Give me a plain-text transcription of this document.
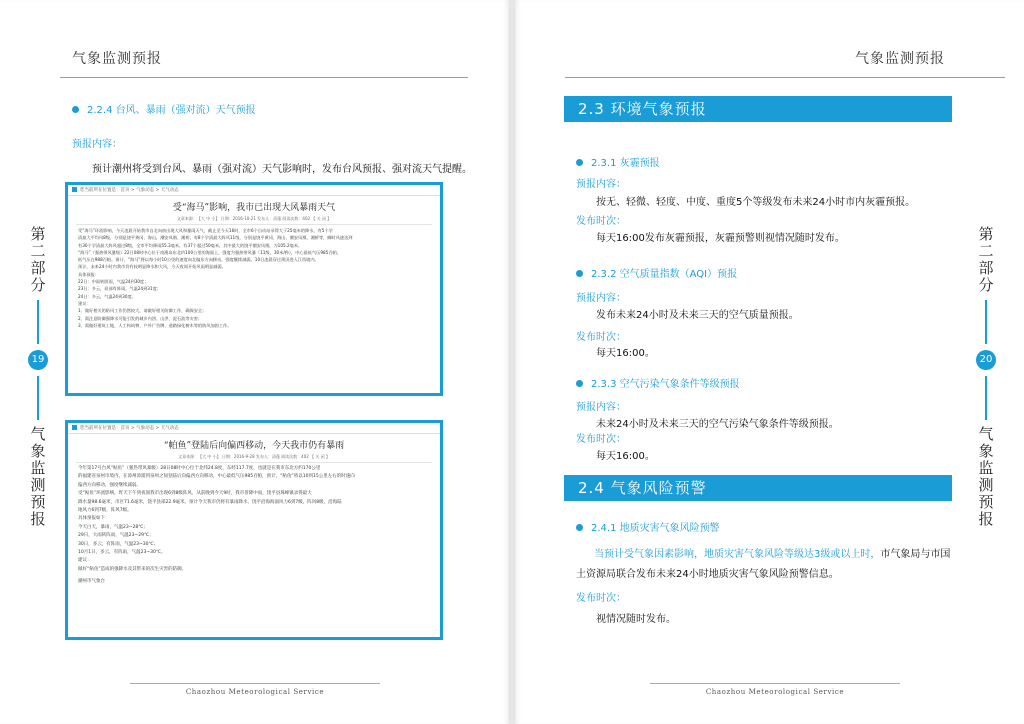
气象监测预报
2.2.4 台风、暴雨（强对流）天气预报
预报内容：
预计潮州将受到台风、暴雨（强对流）天气影响时，发布台风预报、强对流天气提醒。
您当前所在位置是：首页 > 气象动态 > 天气动态
受“海马”影响，我市已出现大风暴雨天气
文章来源：【大 中 小】 日期：2016-10-21 发布人：清蓬 阅读次数：402 【 关 闭 】
受“海马”环流影响，今天凌晨开始我市自北向南出现大风和暴雨天气，截止至今天16时，全市6个自动站录得大于25毫米的降水，有5个学
清最大平均风8级，分别是饶平黄冈、海山，潮安凤凰、湘桥；有8个学清最大阵风11级，分别是饶平黄冈、海山、潮安凤凰、湘桥等，瞬时风速达到
有30个学清最大阵风超过8级，全市平均降雨55.3毫米，有37个超过50毫米，其中最大的饶平潮安凤凰，为105.2毫米。
“海马”（强热带风暴级）22日08时中心位于南澳岛东北约100公里的海面上，强度为强热带风暴（11级，30米/秒），中心最低气压985百帕。
低气压在988百帕。预计，“海马”将以每小时10公里的速度向北偏东方向移动，强度继续减弱。10日凌晨穿过莆田进入江西境内。
预计，未来24小时内我市仍有较明显降水和大风，今天夜间开始风雨明显减弱。
具体预报：
22日：中雨转阴雨，气温24到30度；
23日：多云，局部有阵雨，气温24到31度；
24日：多云，气温24到30度。
建议：
1、做好相关的防风工作仍然较大，请做好相关防御工作，确保安全；
2、需注意防御强降水可能引发的城乡内涝、山洪、泥石流等灾害；
3、需做好建筑工地、人工构筑物、户外广告牌、道路绿化树木等的防风加固工作。
您当前所在位置是：首页 > 气象动态 > 天气动态
“帕鱼”登陆后向偏西移动，今天我市仍有暴雨
文章来源：【大 中 小】 日期：2016-9-28 发布人：清蓬 阅读次数：402 【 关 闭 】
今年第17号台风“鲇鱼”（强热带风暴级）28日08时中心位于北纬24.8度，东经117.7度，也就是在我市东北方约170公里
的福建省泉州市境内，在漳州漳浦到泉州之间登陆后向偏西方向移动，中心最低气压985百帕，预计，“鲇鱼”将以10到15公里左右的时速向
偏西方向移动，强度继续减弱。
受“鲇鱼”环流影响，昨天下午到夜间我市出现6到8级阵风，从前晚到今天9时，我市普降中雨，饶平县珠峰镇录得最大
降水量98.6毫米，市区71.6毫米，饶平县部22.9毫米。预计今天我市仍将有暴雨降水，饶平沿海海面风力6到7级，阵风8级，沿海陆
地风力6到7级，阵风7级。
具体预报如下：
今天白天，暴雨，气温23~28℃；
29日，大雨转阵雨，气温23~29℃；
30日，多云，有阵雨，气温23~30℃；
10月1日，多云，有阵雨，气温23~30℃。
建议：
做好“鲇鱼”造成的强降水及其带来的次生灾害的防御。
潮州市气象台
第
二
部
分
19
气
象
监
测
预
报
Chaozhou Meteorological Service
气象监测预报
2.3 环境气象预报
2.3.1 灰霾预报
预报内容：
按无、轻微、轻度、中度、重度5个等级发布未来24小时市内灰霾预报。
发布时次：
每天16:00发布灰霾预报，灰霾预警则视情况随时发布。
2.3.2 空气质量指数（AQI）预报
预报内容：
发布未来24小时及未来三天的空气质量预报。
发布时次：
每天16:00。
2.3.3 空气污染气象条件等级预报
预报内容：
未来24小时及未来三天的空气污染气象条件等级预报。
发布时次：
每天16:00。
2.4 气象风险预警
2.4.1 地质灾害气象风险预警
当预计受气象因素影响，地质灾害气象风险等级达3级或以上时，市气象局与市国
土资源局联合发布未来24小时地质灾害气象风险预警信息。
发布时次：
视情况随时发布。
第
二
部
分
20
气
象
监
测
预
报
Chaozhou Meteorological Service
